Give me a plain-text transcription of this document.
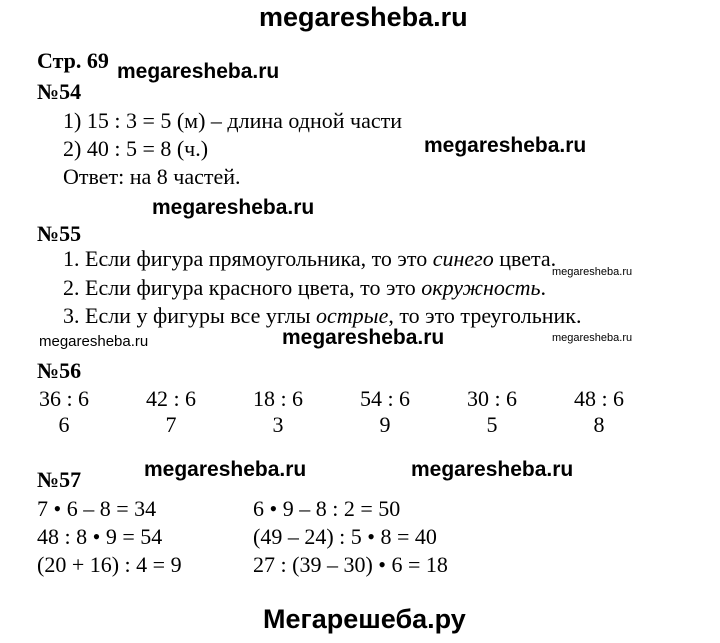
megaresheba.ru
megaresheba.ru
megaresheba.ru
megaresheba.ru
megaresheba.ru
megaresheba.ru
megaresheba.ru	megaresheba.ru
megaresheba.ru	megaresheba.ru
Мегарешеба.ру
Стр. 69
№54
1) 15 : 3 = 5 (м) – длина одной части
2) 40 : 5 = 8 (ч.)
Ответ: на 8 частей.
№55
1. Если фигура прямоугольника, то это синего цвета.
2. Если фигура красного цвета, то это окружность.
3. Если у фигуры все углы острые, то это треугольник.
№56
36 : 6
6
42 : 6
7
18 : 6
3
54 : 6
9
30 : 6
5
48 : 6
8
№57
7 • 6 – 8 = 34
48 : 8 • 9 = 54
(20 + 16) : 4 = 9
6 • 9 – 8 : 2 = 50
(49 – 24) : 5 • 8 = 40
27 : (39 – 30) • 6 = 18
